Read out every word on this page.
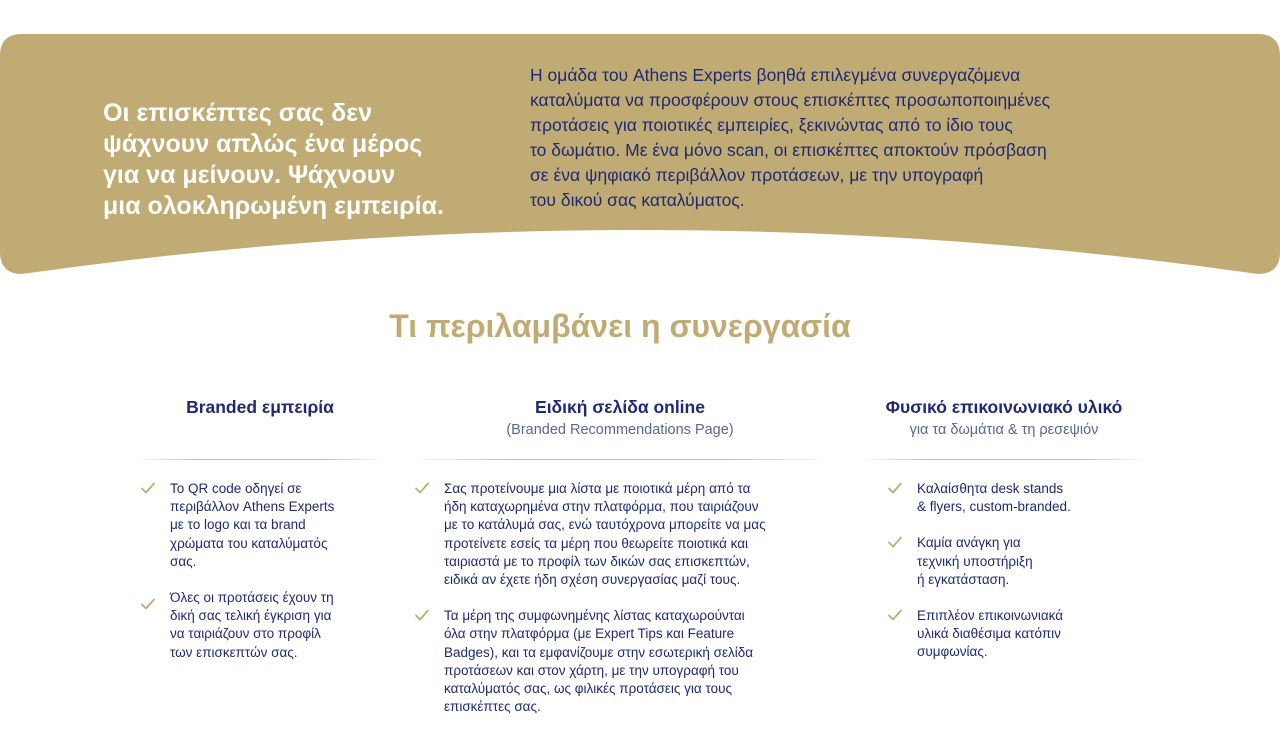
Οι επισκέπτες σας δεν
ψάχνουν απλώς ένα μέρος
για να μείνουν. Ψάχνουν
μια ολοκληρωμένη εμπειρία.
Η ομάδα του Athens Experts βοηθά επιλεγμένα συνεργαζόμενα
καταλύματα να προσφέρουν στους επισκέπτες προσωποποιημένες
προτάσεις για ποιοτικές εμπειρίες, ξεκινώντας από το ίδιο τους
το δωμάτιο. Με ένα μόνο scan, οι επισκέπτες αποκτούν πρόσβαση
σε ένα ψηφιακό περιβάλλον προτάσεων, με την υπογραφή
του δικού σας καταλύματος.
Τι περιλαμβάνει η συνεργασία
Branded εμπειρία
Το QR code οδηγεί σε
περιβάλλον Athens Experts
με το logo και τα brand
χρώματα του καταλύματός
σας.
Όλες οι προτάσεις έχουν τη
δική σας τελική έγκριση για
να ταιριάζουν στο προφίλ
των επισκεπτών σας.
Ειδική σελίδα online
(Branded Recommendations Page)
Σας προτείνουμε μια λίστα με ποιοτικά μέρη από τα
ήδη καταχωρημένα στην πλατφόρμα, που ταιριάζουν
με το κατάλυμά σας, ενώ ταυτόχρονα μπορείτε να μας
προτείνετε εσείς τα μέρη που θεωρείτε ποιοτικά και
ταιριαστά με το προφίλ των δικών σας επισκεπτών,
ειδικά αν έχετε ήδη σχέση συνεργασίας μαζί τους.
Τα μέρη της συμφωνημένης λίστας καταχωρούνται
όλα στην πλατφόρμα (με Expert Tips και Feature
Badges), και τα εμφανίζουμε στην εσωτερική σελίδα
προτάσεων και στον χάρτη, με την υπογραφή του
καταλύματός σας, ως φιλικές προτάσεις για τους
επισκέπτες σας.
Φυσικό επικοινωνιακό υλικό
για τα δωμάτια & τη ρεσεψιόν
Καλαίσθητα desk stands
& flyers, custom-branded.
Καμία ανάγκη για
τεχνική υποστήριξη
ή εγκατάσταση.
Επιπλέον επικοινωνιακά
υλικά διαθέσιμα κατόπιν
συμφωνίας.
